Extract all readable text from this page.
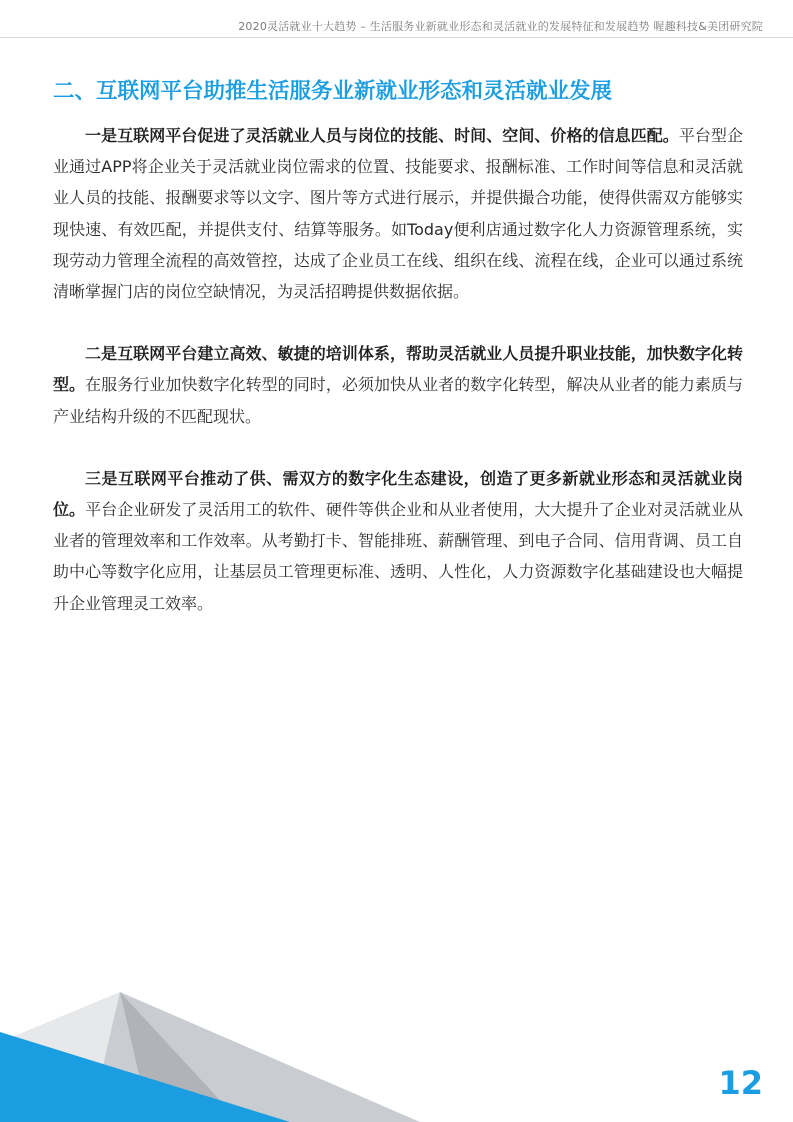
2020灵活就业十大趋势 – 生活服务业新就业形态和灵活就业的发展特征和发展趋势 喔趣科技&美团研究院
二、互联网平台助推生活服务业新就业形态和灵活就业发展

一是互联网平台促进了灵活就业人员与岗位的技能、时间、空间、价格的信息匹配。平台型企业通过APP将企业关于灵活就业岗位需求的位置、技能要求、报酬标准、工作时间等信息和灵活就业人员的技能、报酬要求等以文字、图片等方式进行展示，并提供撮合功能，使得供需双方能够实现快速、有效匹配，并提供支付、结算等服务。如Today便利店通过数字化人力资源管理系统，实现劳动力管理全流程的高效管控，达成了企业员工在线、组织在线、流程在线，企业可以通过系统清晰掌握门店的岗位空缺情况，为灵活招聘提供数据依据。

二是互联网平台建立高效、敏捷的培训体系，帮助灵活就业人员提升职业技能，加快数字化转型。在服务行业加快数字化转型的同时，必须加快从业者的数字化转型，解决从业者的能力素质与产业结构升级的不匹配现状。

三是互联网平台推动了供、需双方的数字化生态建设，创造了更多新就业形态和灵活就业岗位。平台企业研发了灵活用工的软件、硬件等供企业和从业者使用，大大提升了企业对灵活就业从业者的管理效率和工作效率。从考勤打卡、智能排班、薪酬管理、到电子合同、信用背调、员工自助中心等数字化应用，让基层员工管理更标准、透明、人性化，人力资源数字化基础建设也大幅提升企业管理灵工效率。

12
